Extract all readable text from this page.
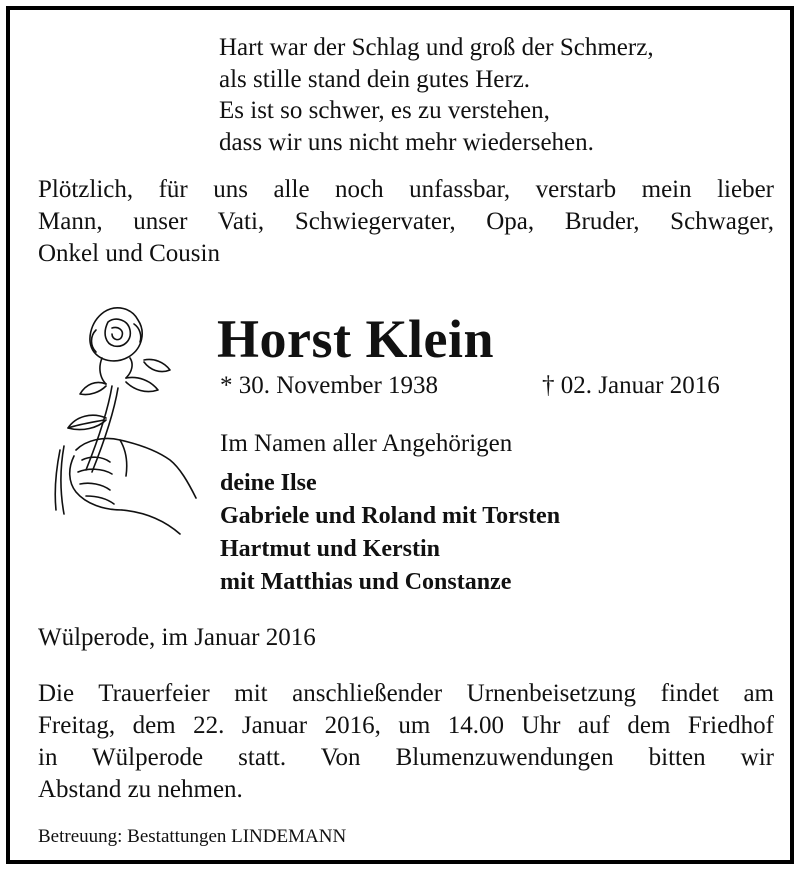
Hart war der Schlag und groß der Schmerz,
als stille stand dein gutes Herz.
Es ist so schwer, es zu verstehen,
dass wir uns nicht mehr wiedersehen.
Plötzlich, für uns alle noch unfassbar, verstarb mein lieber
Mann, unser Vati, Schwiegervater, Opa, Bruder, Schwager,
Onkel und Cousin
Horst Klein
* 30. November 1938	† 02. Januar 2016
Im Namen aller Angehörigen
deine Ilse
Gabriele und Roland mit Torsten
Hartmut und Kerstin
mit Matthias und Constanze
Wülperode, im Januar 2016
Die Trauerfeier mit anschließender Urnenbeisetzung findet am
Freitag, dem 22. Januar 2016, um 14.00 Uhr auf dem Friedhof
in Wülperode statt. Von Blumenzuwendungen bitten wir
Abstand zu nehmen.
Betreuung: Bestattungen LINDEMANN
